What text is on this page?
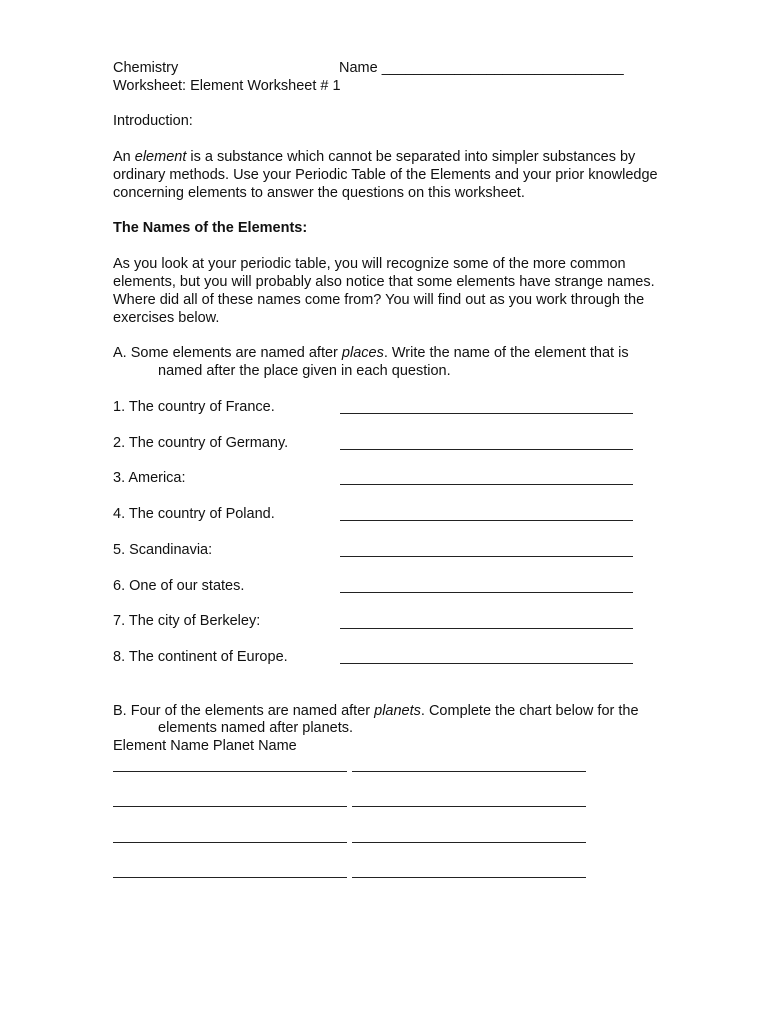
Chemistry	Name ______________________________
Worksheet: Element Worksheet # 1
Introduction:
An element is a substance which cannot be separated into simpler substances by
ordinary methods. Use your Periodic Table of the Elements and your prior knowledge
concerning elements to answer the questions on this worksheet.
The Names of the Elements:
As you look at your periodic table, you will recognize some of the more common
elements, but you will probably also notice that some elements have strange names.
Where did all of these names come from? You will find out as you work through the
exercises below.
A. Some elements are named after places. Write the name of the element that is
named after the place given in each question.
1. The country of France.
2. The country of Germany.
3. America:
4. The country of Poland.
5. Scandinavia:
6. One of our states.
7. The city of Berkeley:
8. The continent of Europe.
B. Four of the elements are named after planets. Complete the chart below for the
elements named after planets.
Element Name Planet Name
